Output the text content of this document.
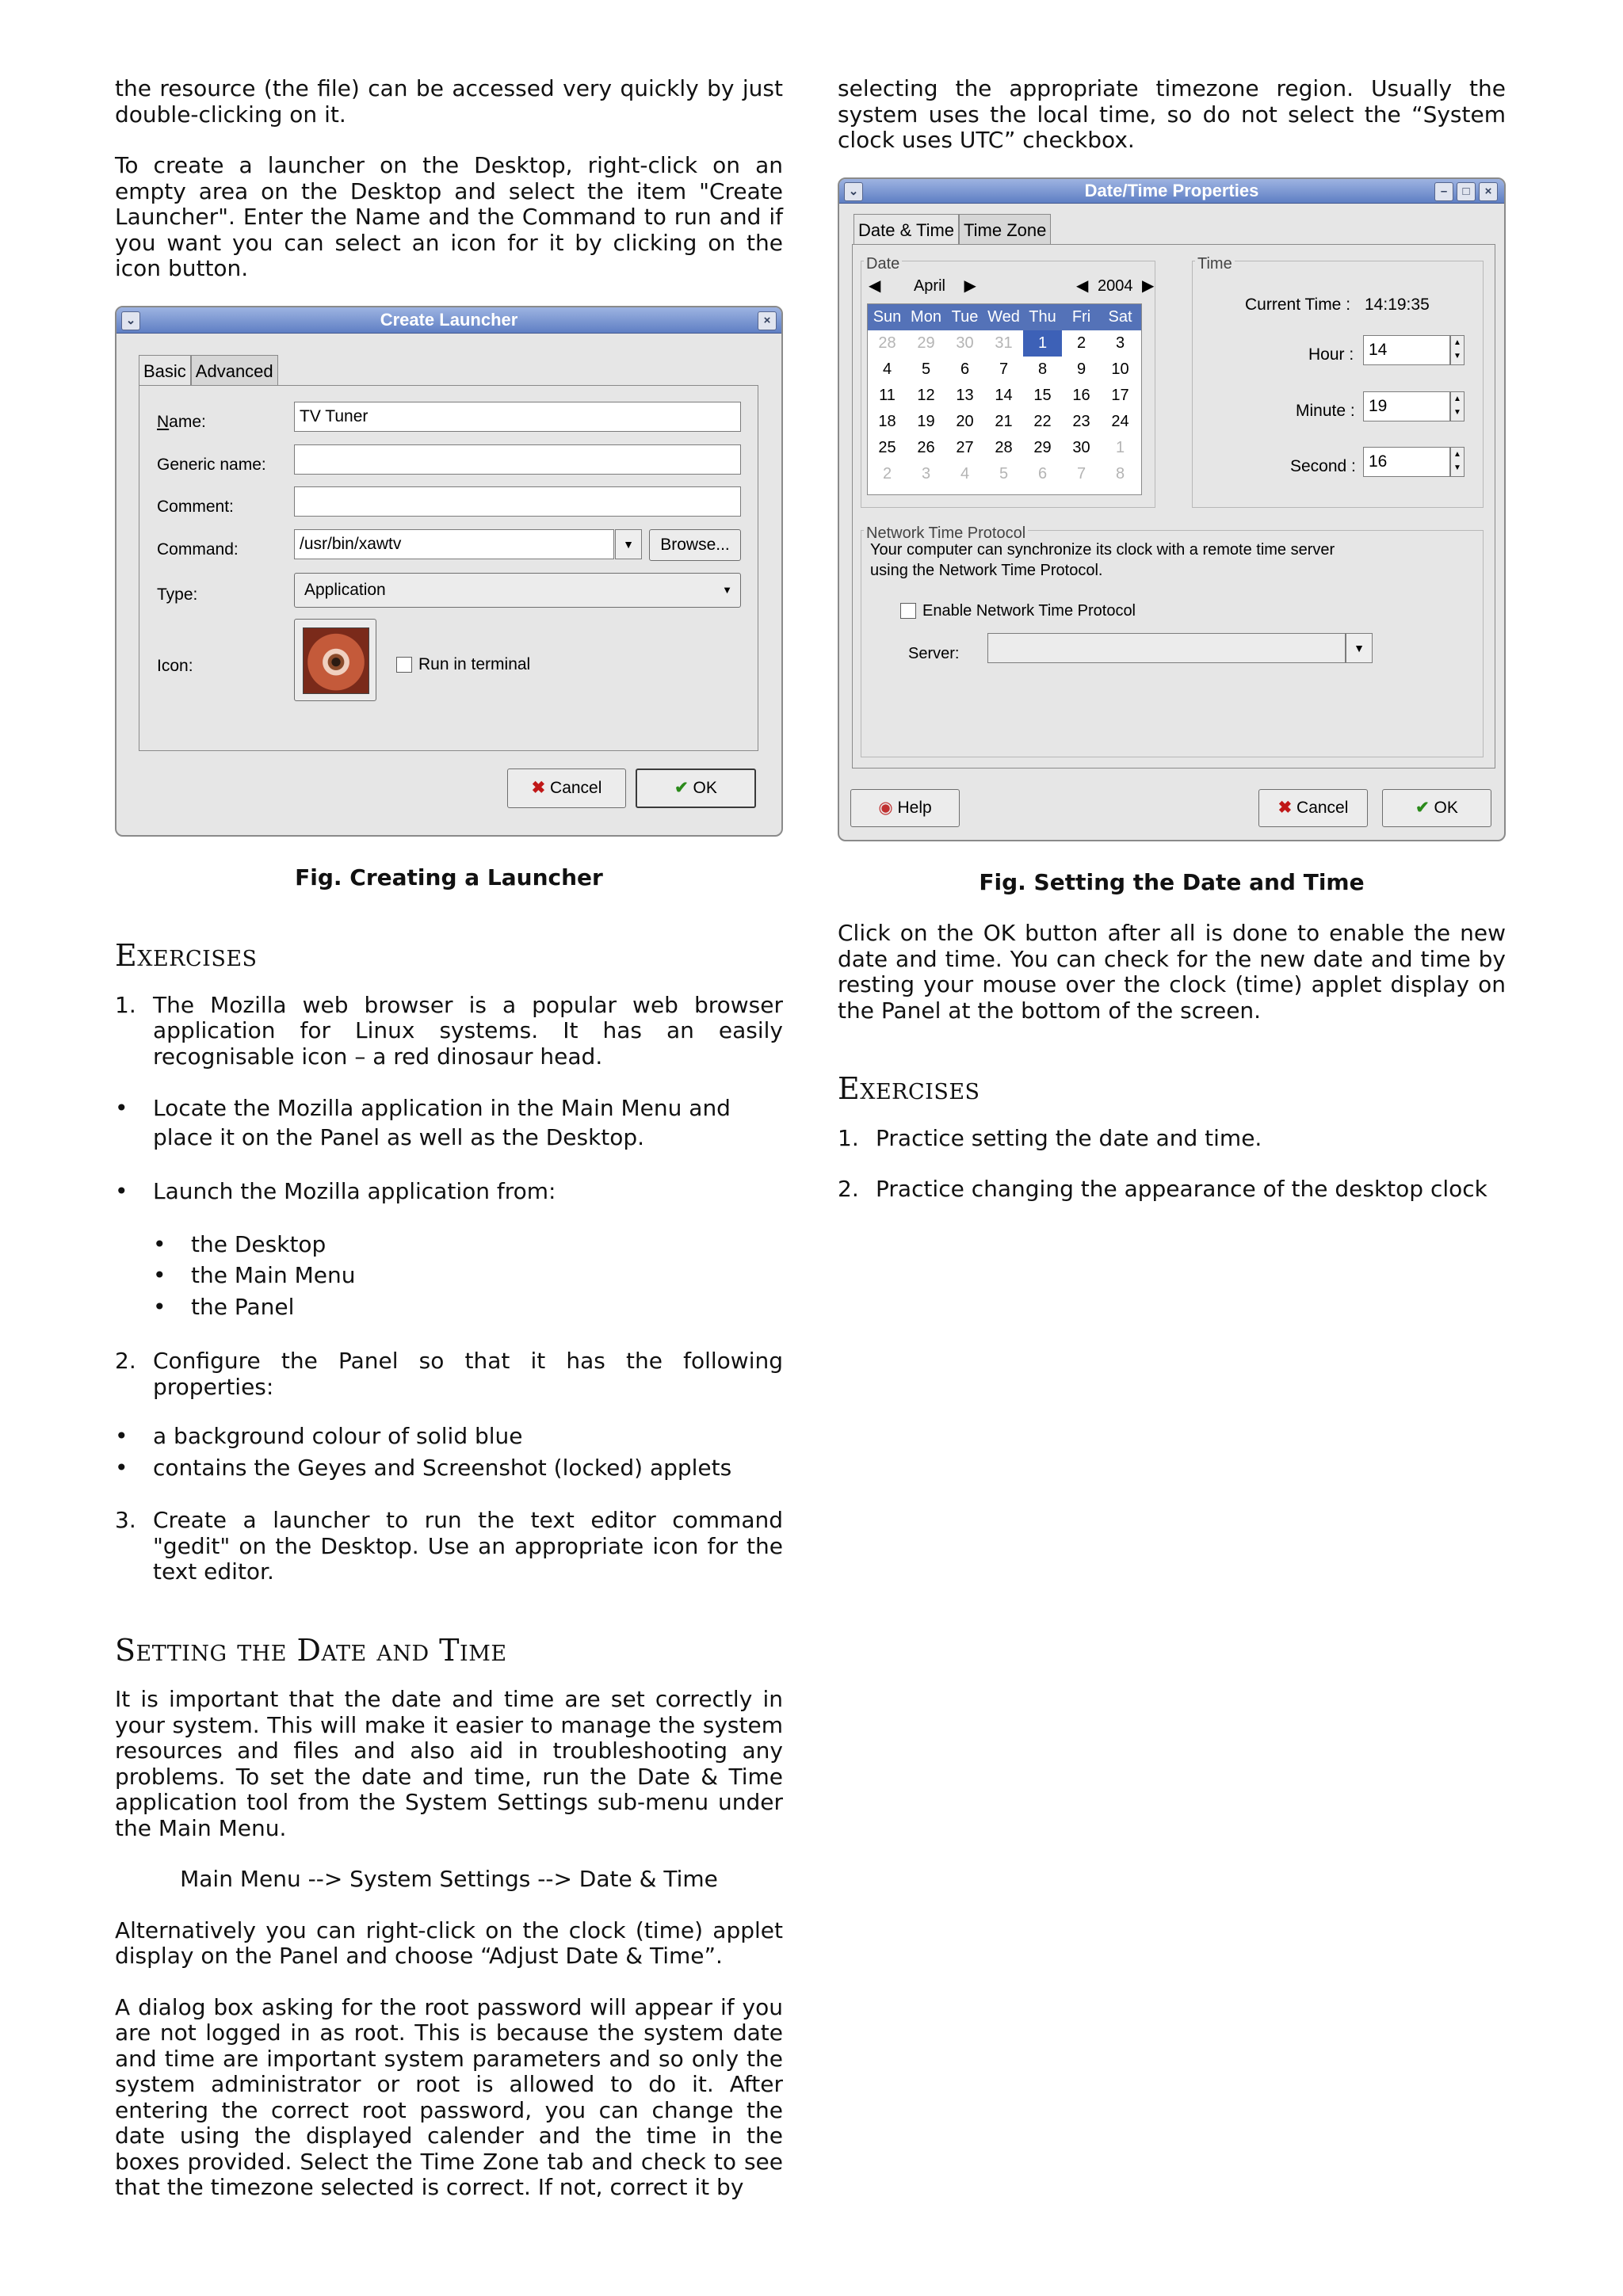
the resource (the file) can be accessed very quickly by just double-clicking on it.

To create a launcher on the Desktop, right-click on an empty area on the Desktop and select the item "Create Launcher". Enter the Name and the Command to run and if you want you can select an icon for it by clicking on the icon button.

⌄	Create Launcher	×
Basic Advanced
Name:	TV Tuner
Generic name:
Comment:
Command:	/usr/bin/xawtv	▼	Browse...
Type:	Application	▼
Icon:	Run in terminal
✖ Cancel	✔ OK

Fig. Creating a Launcher

Exercises
1. The Mozilla web browser is a popular web browser application for Linux systems. It has an easily recognisable icon – a red dinosaur head.
•	Locate the Mozilla application in the Main Menu and place it on the Panel as well as the Desktop.
•	Launch the Mozilla application from:
•	the Desktop
•	the Main Menu
•	the Panel
2. Configure the Panel so that it has the following properties:
•	a background colour of solid blue
•	contains the Geyes and Screenshot (locked) applets
3. Create a launcher to run the text editor command "gedit" on the Desktop. Use an appropriate icon for the text editor.
Setting the Date and Time

It is important that the date and time are set correctly in your system. This will make it easier to manage the system resources and files and also aid in troubleshooting any problems. To set the date and time, run the Date & Time application tool from the System Settings sub-menu under the Main Menu.

Main Menu --> System Settings --> Date & Time

Alternatively you can right-click on the clock (time) applet display on the Panel and choose “Adjust Date & Time”.

A dialog box asking for the root password will appear if you are not logged in as root. This is because the system date and time are important system parameters and so only the system administrator or root is allowed to do it. After entering the correct root password, you can change the date using the displayed calender and the time in the boxes provided. Select the Time Zone tab and check to see that the timezone selected is correct. If not, correct it by

selecting the appropriate timezone region. Usually the system uses the local time, so do not select the “System clock uses UTC” checkbox.

⌄	Date/Time Properties	–	□	×
Date & Time Time Zone
Date
◀ April ▶	◀ 2004 ▶
Sun Mon Tue Wed Thu	Fri	Sat
28	29	30	31	1	2	3
4	5	6	7	8	9	10
11	12	13	14	15	16	17
18	19	20	21	22	23	24
25	26	27	28	29	30	1
2	3	4	5	6	7	8
Time
Current Time : 14:19:35
Hour : 14	▲
▼
Minute : 19	▲
▼
Second : 16	▲
▼
Network Time Protocol
Your computer can synchronize its clock with a remote time server
using the Network Time Protocol.
Enable Network Time Protocol
Server:	▼
◉ Help	✖ Cancel	✔ OK

Fig. Setting the Date and Time

Click on the OK button after all is done to enable the new date and time. You can check for the new date and time by resting your mouse over the clock (time) applet display on the Panel at the bottom of the screen.

Exercises
1. Practice setting the date and time.
2. Practice changing the appearance of the desktop clock
